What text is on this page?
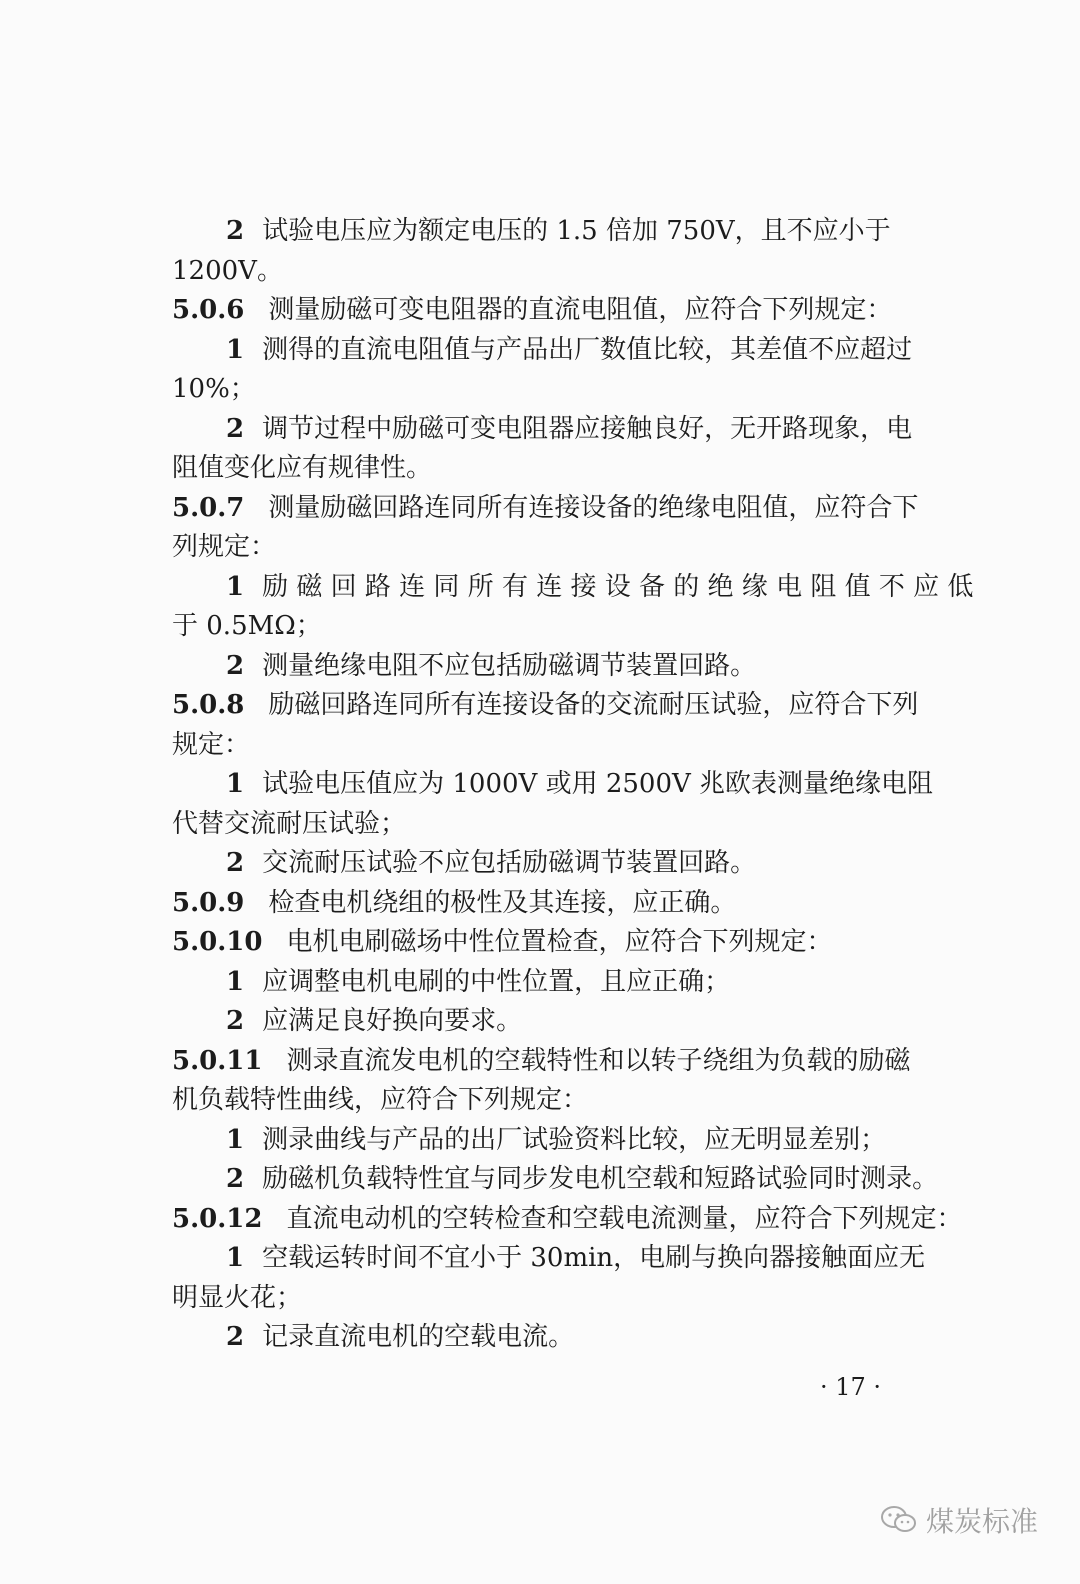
2 试验电压应为额定电压的 1.5 倍加 750V，且不应小于
1200V。
5.0.6 测量励磁可变电阻器的直流电阻值，应符合下列规定：
1 测得的直流电阻值与产品出厂数值比较，其差值不应超过
10%；
2 调节过程中励磁可变电阻器应接触良好，无开路现象，电
阻值变化应有规律性。
5.0.7 测量励磁回路连同所有连接设备的绝缘电阻值，应符合下
列规定：
1 励 磁 回 路 连 同 所 有 连 接 设 备 的 绝 缘 电 阻 值 不 应 低
于 0.5MΩ；
2 测量绝缘电阻不应包括励磁调节装置回路。
5.0.8 励磁回路连同所有连接设备的交流耐压试验，应符合下列
规定：
1 试验电压值应为 1000V 或用 2500V 兆欧表测量绝缘电阻
代替交流耐压试验；
2 交流耐压试验不应包括励磁调节装置回路。
5.0.9 检查电机绕组的极性及其连接，应正确。
5.0.10 电机电刷磁场中性位置检查，应符合下列规定：
1 应调整电机电刷的中性位置，且应正确；
2 应满足良好换向要求。
5.0.11 测录直流发电机的空载特性和以转子绕组为负载的励磁
机负载特性曲线，应符合下列规定：
1 测录曲线与产品的出厂试验资料比较，应无明显差别；
2 励磁机负载特性宜与同步发电机空载和短路试验同时测录。
5.0.12 直流电动机的空转检查和空载电流测量，应符合下列规定：
1 空载运转时间不宜小于 30min，电刷与换向器接触面应无
明显火花；
2 记录直流电机的空载电流。
· 17 ·
煤炭标准
